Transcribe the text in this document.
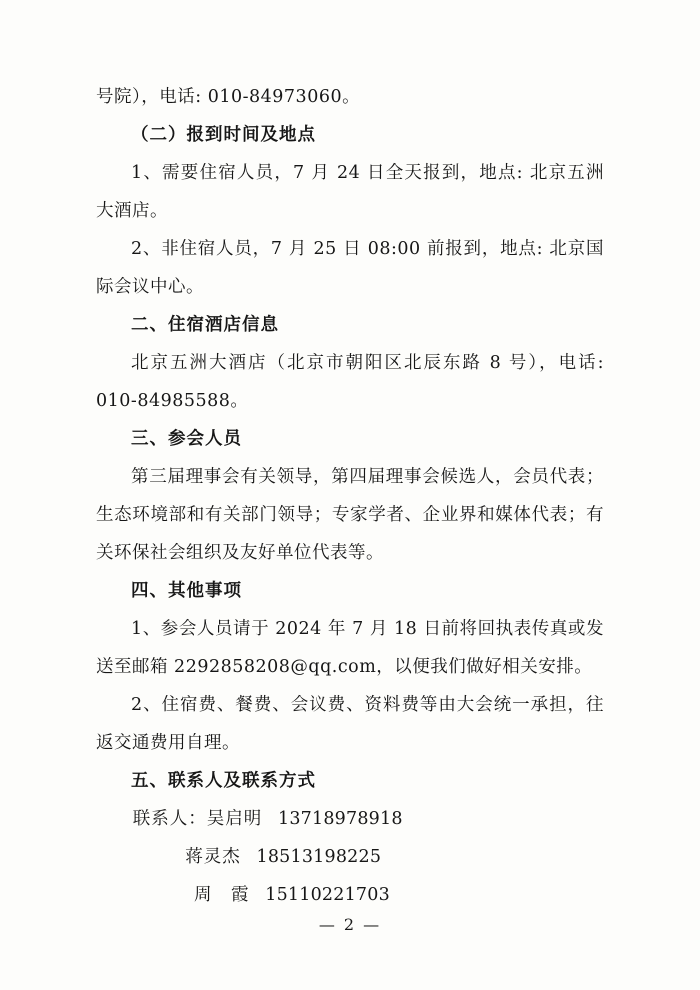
号院），电话: 010-84973060。

（二）报到时间及地点

1、需要住宿人员，7 月 24 日全天报到，地点: 北京五洲大酒店。

2、非住宿人员，7 月 25 日 08:00 前报到，地点: 北京国际会议中心。

二、住宿酒店信息

北京五洲大酒店（北京市朝阳区北辰东路 8 号），电话: 010-84985588。

三、参会人员

第三届理事会有关领导，第四届理事会候选人，会员代表；生态环境部和有关部门领导；专家学者、企业界和媒体代表；有关环保社会组织及友好单位代表等。

四、其他事项

1、参会人员请于 2024 年 7 月 18 日前将回执表传真或发送至邮箱 2292858208@qq.com，以便我们做好相关安排。

2、住宿费、餐费、会议费、资料费等由大会统一承担，往返交通费用自理。

五、联系人及联系方式

联系人：吴启明 13718978918

蒋灵杰 18513198225

周　霞 15110221703

— 2 —
